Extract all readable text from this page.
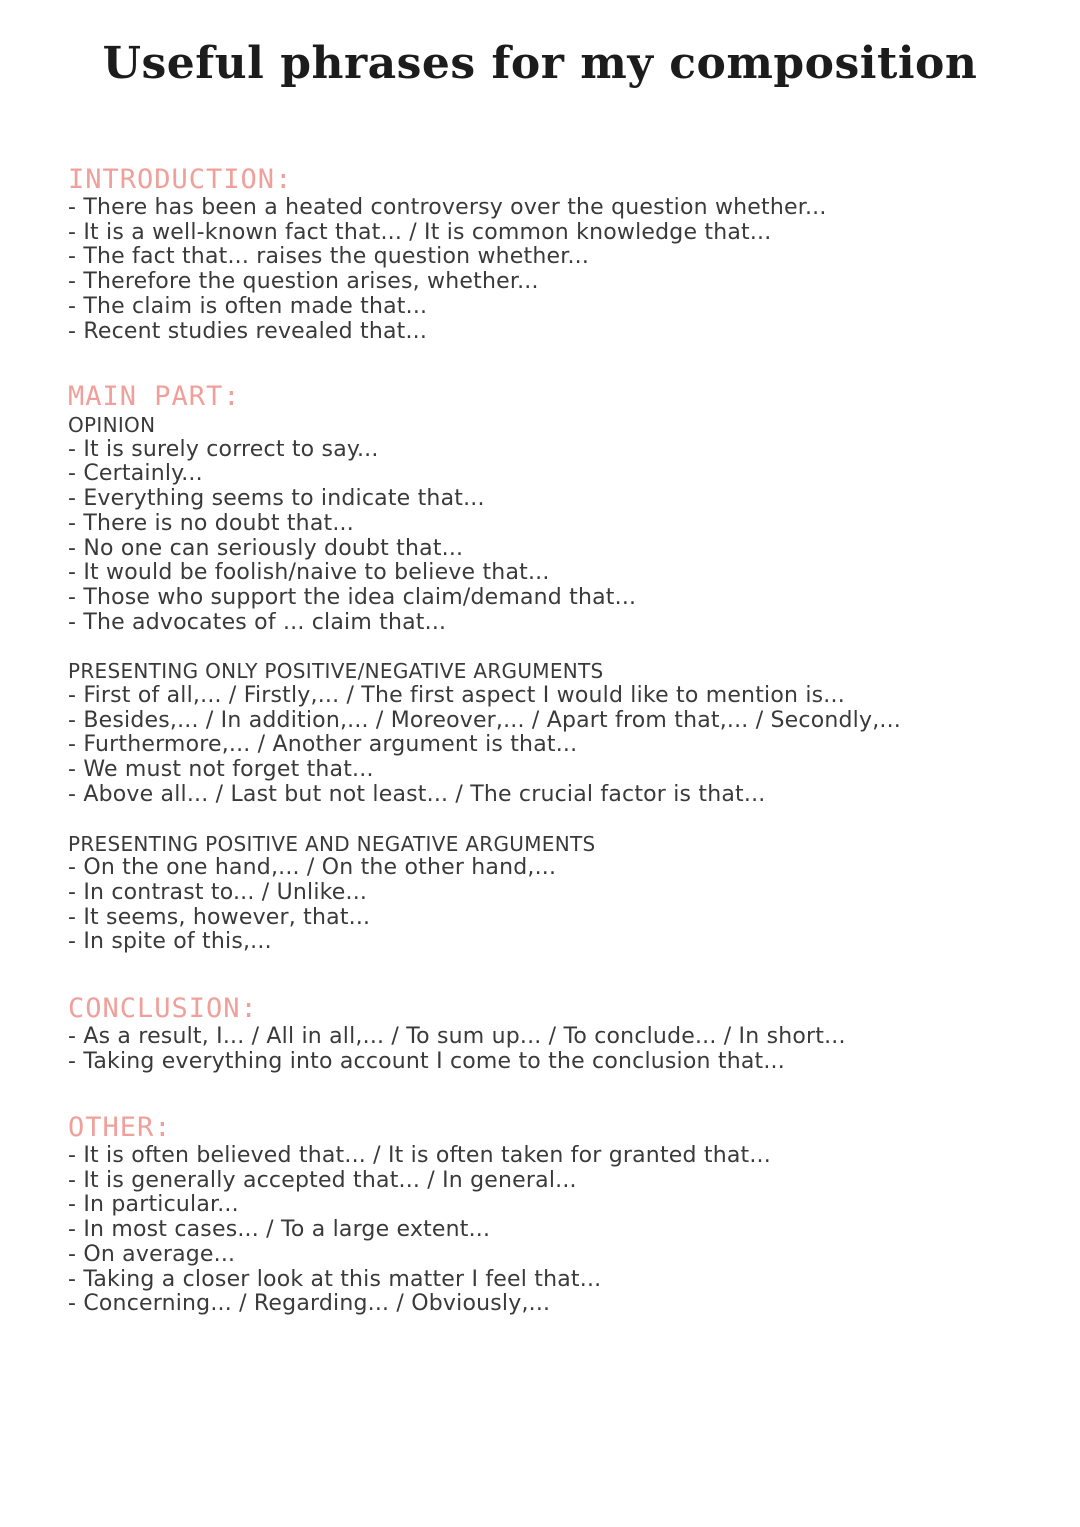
Useful phrases for my composition
INTRODUCTION:
- There has been a heated controversy over the question whether...
- It is a well-known fact that... / It is common knowledge that...
- The fact that... raises the question whether...
- Therefore the question arises, whether...
- The claim is often made that...
- Recent studies revealed that...
MAIN PART:
OPINION
- It is surely correct to say...
- Certainly...
- Everything seems to indicate that...
- There is no doubt that...
- No one can seriously doubt that...
- It would be foolish/naive to believe that...
- Those who support the idea claim/demand that...
- The advocates of ... claim that...
PRESENTING ONLY POSITIVE/NEGATIVE ARGUMENTS
- First of all,... / Firstly,... / The first aspect I would like to mention is...
- Besides,... / In addition,... / Moreover,... / Apart from that,... / Secondly,...
- Furthermore,... / Another argument is that...
- We must not forget that...
- Above all... / Last but not least... / The crucial factor is that...
PRESENTING POSITIVE AND NEGATIVE ARGUMENTS
- On the one hand,... / On the other hand,...
- In contrast to... / Unlike...
- It seems, however, that...
- In spite of this,...
CONCLUSION:
- As a result, I... / All in all,... / To sum up... / To conclude... / In short...
- Taking everything into account I come to the conclusion that...
OTHER:
- It is often believed that... / It is often taken for granted that...
- It is generally accepted that... / In general...
- In particular...
- In most cases... / To a large extent...
- On average...
- Taking a closer look at this matter I feel that...
- Concerning... / Regarding... / Obviously,...
